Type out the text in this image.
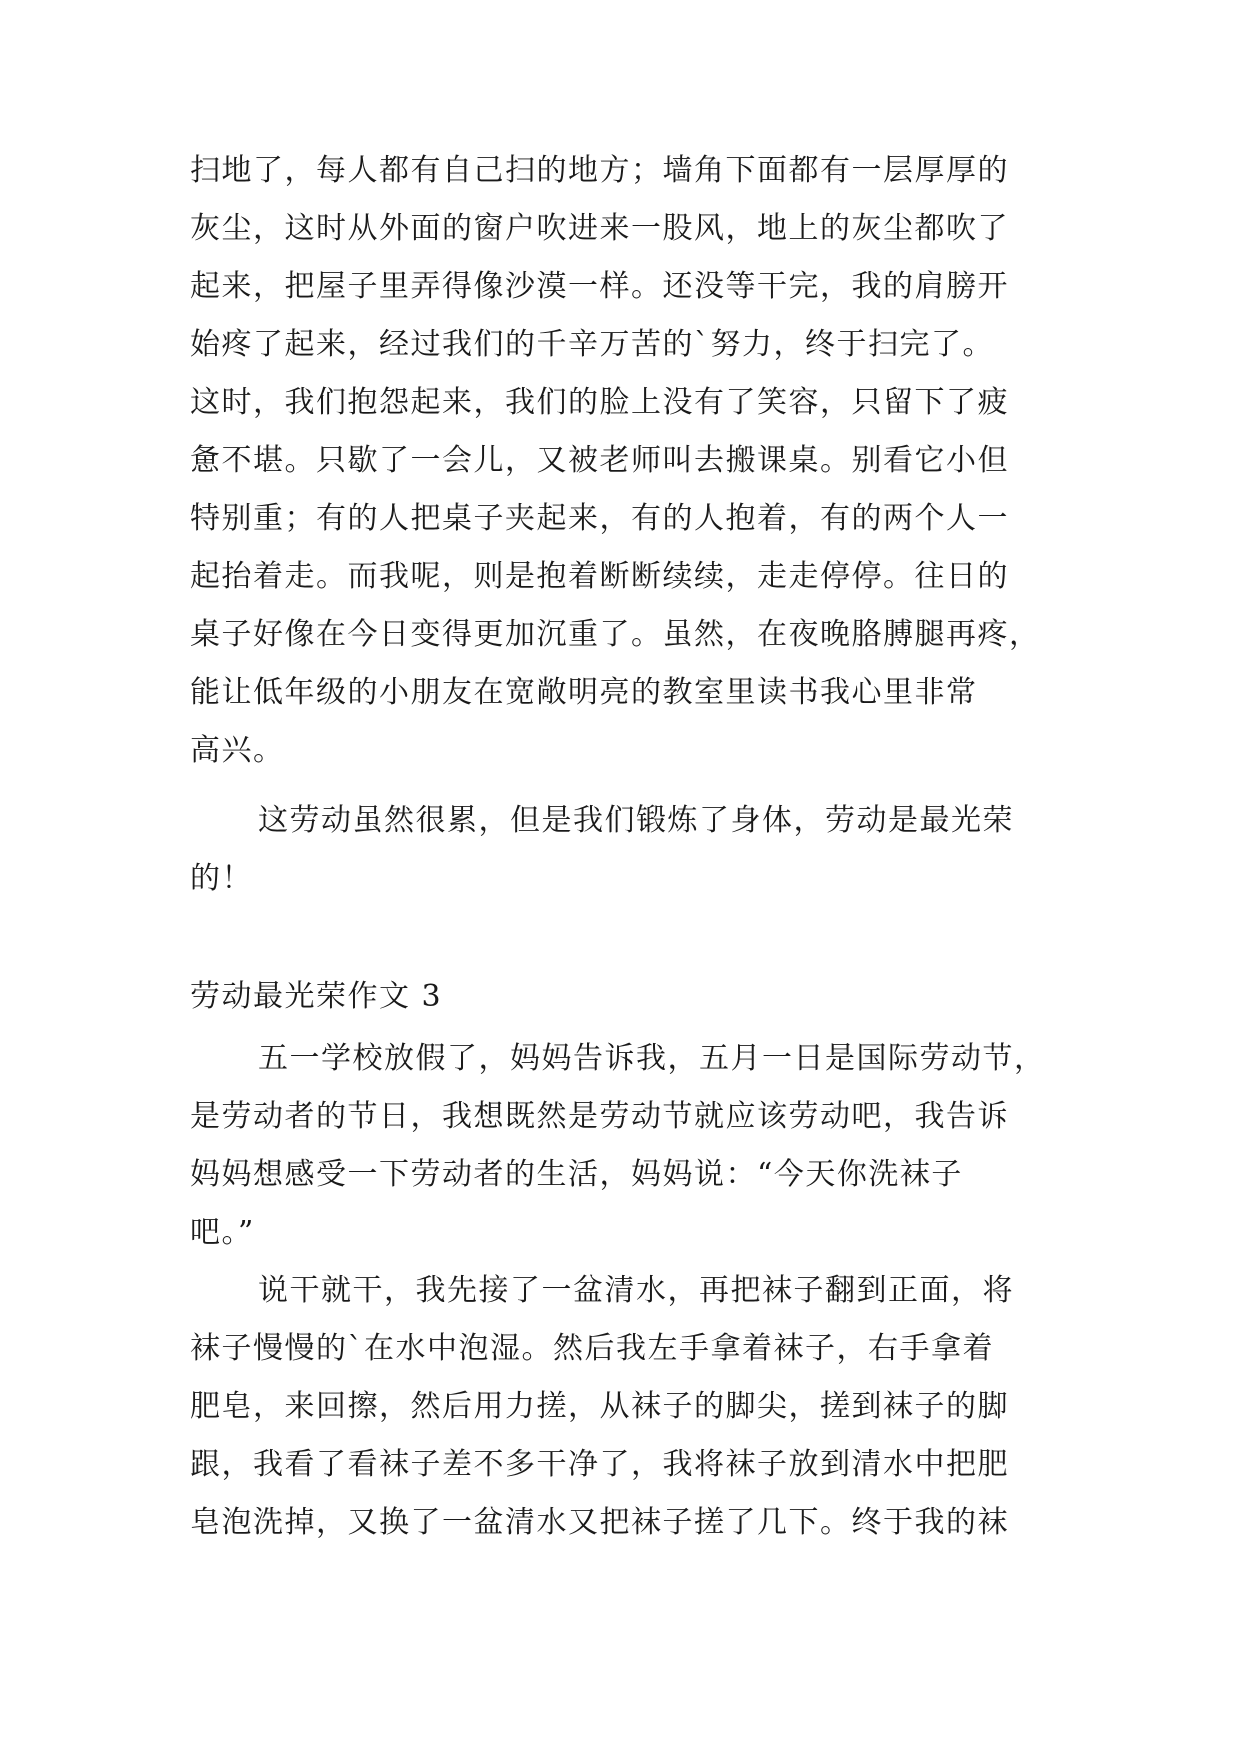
扫地了，每人都有自己扫的地方；墙角下面都有一层厚厚的
灰尘，这时从外面的窗户吹进来一股风，地上的灰尘都吹了
起来，把屋子里弄得像沙漠一样。还没等干完，我的肩膀开
始疼了起来，经过我们的千辛万苦的`努力，终于扫完了。
这时，我们抱怨起来，我们的脸上没有了笑容，只留下了疲
惫不堪。只歇了一会儿，又被老师叫去搬课桌。别看它小但
特别重；有的人把桌子夹起来，有的人抱着，有的两个人一
起抬着走。而我呢，则是抱着断断续续，走走停停。往日的
桌子好像在今日变得更加沉重了。虽然，在夜晚胳膊腿再疼，
能让低年级的小朋友在宽敞明亮的教室里读书我心里非常
高兴。
这劳动虽然很累，但是我们锻炼了身体，劳动是最光荣
的！
劳动最光荣作文 3
五一学校放假了，妈妈告诉我，五月一日是国际劳动节，
是劳动者的节日，我想既然是劳动节就应该劳动吧，我告诉
妈妈想感受一下劳动者的生活，妈妈说：“今天你洗袜子
吧。”
说干就干，我先接了一盆清水，再把袜子翻到正面，将
袜子慢慢的`在水中泡湿。然后我左手拿着袜子，右手拿着
肥皂，来回擦，然后用力搓，从袜子的脚尖，搓到袜子的脚
跟，我看了看袜子差不多干净了，我将袜子放到清水中把肥
皂泡洗掉，又换了一盆清水又把袜子搓了几下。终于我的袜
